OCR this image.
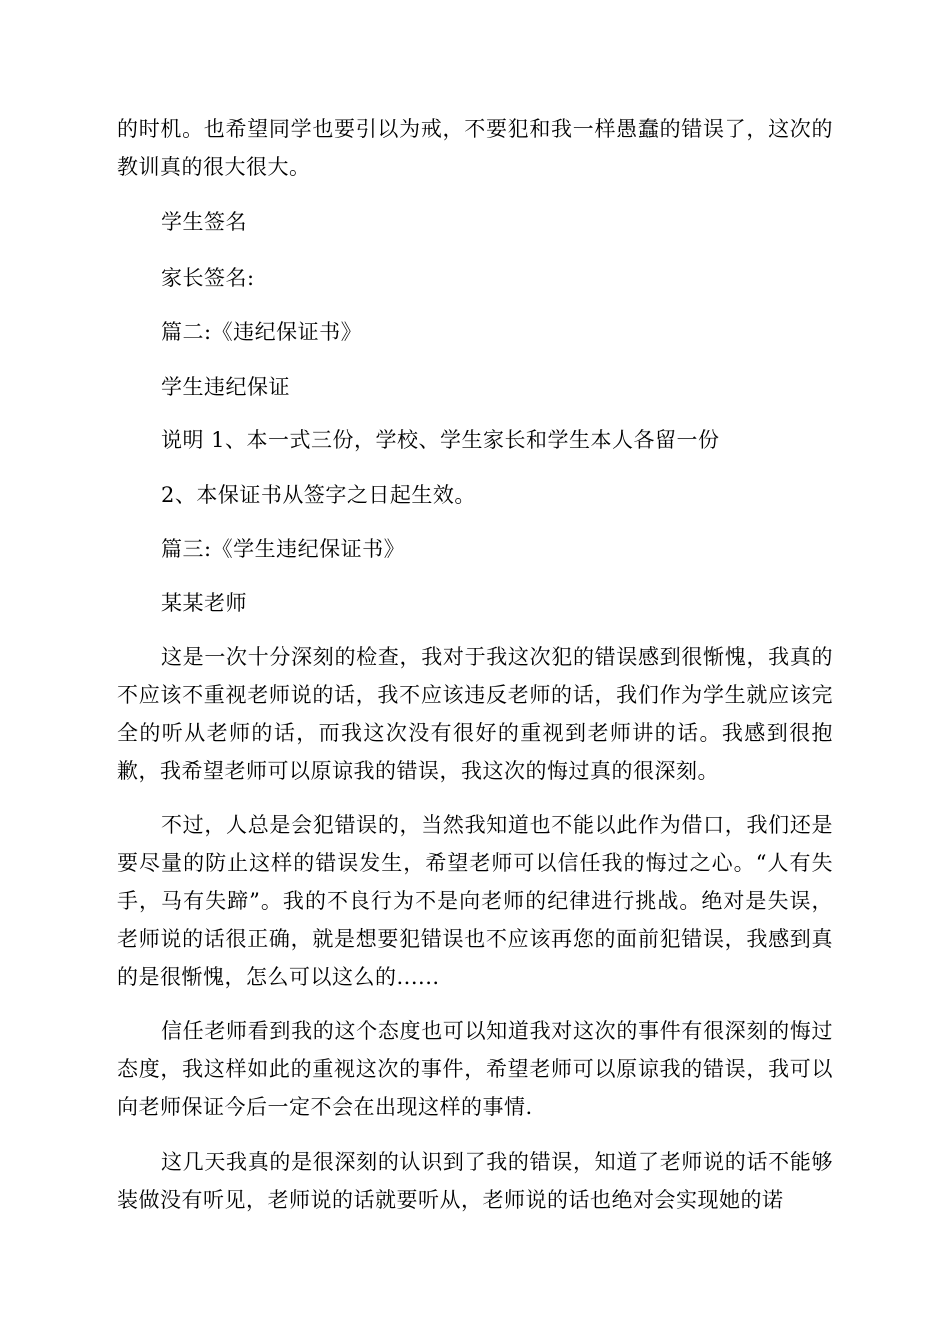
的时机。也希望同学也要引以为戒，不要犯和我一样愚蠢的错误了，这次的教训真的很大很大。

学生签名

家长签名:

篇二:《违纪保证书》

学生违纪保证

说明 1、本一式三份，学校、学生家长和学生本人各留一份

2、本保证书从签字之日起生效。

篇三:《学生违纪保证书》

某某老师

这是一次十分深刻的检查，我对于我这次犯的错误感到很惭愧，我真的不应该不重视老师说的话，我不应该违反老师的话，我们作为学生就应该完全的听从老师的话，而我这次没有很好的重视到老师讲的话。我感到很抱歉，我希望老师可以原谅我的错误，我这次的悔过真的很深刻。

不过，人总是会犯错误的，当然我知道也不能以此作为借口，我们还是要尽量的防止这样的错误发生，希望老师可以信任我的悔过之心。“人有失手，马有失蹄”。我的不良行为不是向老师的纪律进行挑战。绝对是失误，老师说的话很正确，就是想要犯错误也不应该再您的面前犯错误，我感到真的是很惭愧，怎么可以这么的......

信任老师看到我的这个态度也可以知道我对这次的事件有很深刻的悔过态度，我这样如此的重视这次的事件，希望老师可以原谅我的错误，我可以向老师保证今后一定不会在出现这样的事情.

这几天我真的是很深刻的认识到了我的错误，知道了老师说的话不能够装做没有听见，老师说的话就要听从，老师说的话也绝对会实现她的诺
